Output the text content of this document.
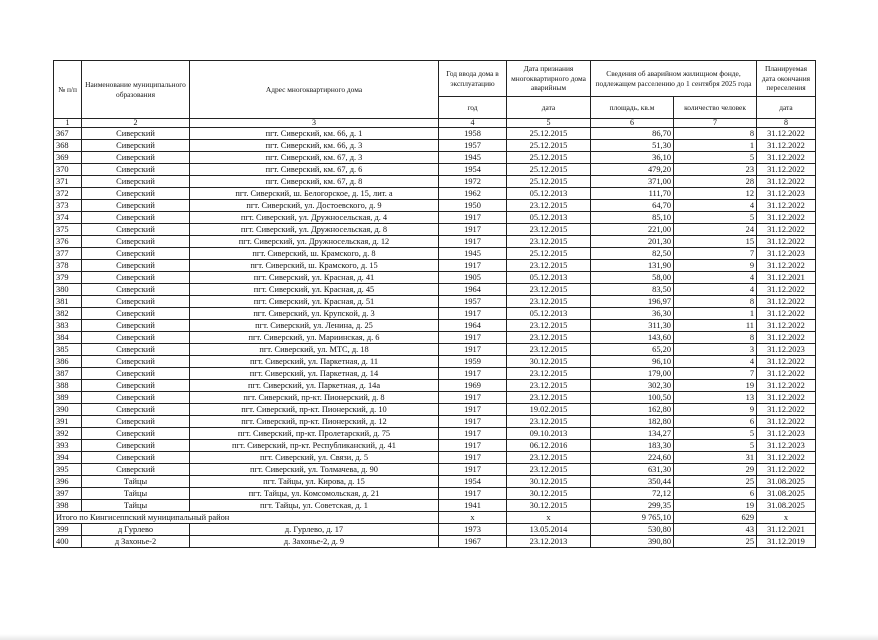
№ п/п	Наименование муниципального образования	Адрес многоквартирного дома	Год ввода дома в эксплуатацию	Дата признания многоквартирного дома аварийным	Сведения об аварийном жилищном фонде, подлежащем расселению до 1 сентября 2025 года		Планируемая дата окончания переселения
			год	дата	площадь, кв.м	количество человек	дата
1	2	3	4	5	6	7	8
367	Сиверский	пгт. Сиверский, км. 66, д. 1	1958	25.12.2015	86,70	8	31.12.2022
368	Сиверский	пгт. Сиверский, км. 66, д. 3	1957	25.12.2015	51,30	1	31.12.2022
369	Сиверский	пгт. Сиверский, км. 67, д. 3	1945	25.12.2015	36,10	5	31.12.2022
370	Сиверский	пгт. Сиверский, км. 67, д. 6	1954	25.12.2015	479,20	23	31.12.2022
371	Сиверский	пгт. Сиверский, км. 67, д. 8	1972	25.12.2015	371,00	28	31.12.2022
372	Сиверский	пгт. Сиверский, ш. Белогорское, д. 15, лит. а	1962	05.12.2013	111,70	12	31.12.2023
373	Сиверский	пгт. Сиверский, ул. Достоевского, д. 9	1950	23.12.2015	64,70	4	31.12.2022
374	Сиверский	пгт. Сиверский, ул. Дружносельская, д. 4	1917	05.12.2013	85,10	5	31.12.2022
375	Сиверский	пгт. Сиверский, ул. Дружносельская, д. 8	1917	23.12.2015	221,00	24	31.12.2022
376	Сиверский	пгт. Сиверский, ул. Дружносельская, д. 12	1917	23.12.2015	201,30	15	31.12.2022
377	Сиверский	пгт. Сиверский, ш. Крамского, д. 8	1945	25.12.2015	82,50	7	31.12.2023
378	Сиверский	пгт. Сиверский, ш. Крамского, д. 15	1917	23.12.2015	131,90	9	31.12.2022
379	Сиверский	пгт. Сиверский, ул. Красная, д. 41	1905	05.12.2013	58,00	4	31.12.2021
380	Сиверский	пгт. Сиверский, ул. Красная, д. 45	1964	23.12.2015	83,50	4	31.12.2022
381	Сиверский	пгт. Сиверский, ул. Красная, д. 51	1957	23.12.2015	196,97	8	31.12.2022
382	Сиверский	пгт. Сиверский, ул. Крупской, д. 3	1917	05.12.2013	36,30	1	31.12.2022
383	Сиверский	пгт. Сиверский, ул. Ленина, д. 25	1964	23.12.2015	311,30	11	31.12.2022
384	Сиверский	пгт. Сиверский, ул. Мариинская, д. 6	1917	23.12.2015	143,60	8	31.12.2022
385	Сиверский	пгт. Сиверский, ул. МТС, д. 18	1917	23.12.2015	65,20	3	31.12.2023
386	Сиверский	пгт. Сиверский, ул. Паркетная, д. 11	1959	30.12.2015	96,10	4	31.12.2022
387	Сиверский	пгт. Сиверский, ул. Паркетная, д. 14	1917	23.12.2015	179,00	7	31.12.2022
388	Сиверский	пгт. Сиверский, ул. Паркетная, д. 14а	1969	23.12.2015	302,30	19	31.12.2022
389	Сиверский	пгт. Сиверский, пр-кт. Пионерский, д. 8	1917	23.12.2015	100,50	13	31.12.2022
390	Сиверский	пгт. Сиверский, пр-кт. Пионерский, д. 10	1917	19.02.2015	162,80	9	31.12.2022
391	Сиверский	пгт. Сиверский, пр-кт. Пионерский, д. 12	1917	23.12.2015	182,80	6	31.12.2022
392	Сиверский	пгт. Сиверский, пр-кт. Пролетарский, д. 75	1917	09.10.2013	134,27	5	31.12.2023
393	Сиверский	пгт. Сиверский, пр-кт. Республиканский, д. 41	1917	06.12.2016	183,30	5	31.12.2023
394	Сиверский	пгт. Сиверский, ул. Связи, д. 5	1917	23.12.2015	224,60	31	31.12.2022
395	Сиверский	пгт. Сиверский, ул. Толмачева, д. 90	1917	23.12.2015	631,30	29	31.12.2022
396	Тайцы	пгт. Тайцы, ул. Кирова, д. 15	1954	30.12.2015	350,44	25	31.08.2025
397	Тайцы	пгт. Тайцы, ул. Комсомольская, д. 21	1917	30.12.2015	72,12	6	31.08.2025
398	Тайцы	пгт. Тайцы, ул. Советская, д. 1	1941	30.12.2015	299,35	19	31.08.2025
Итого по Кингисеппский муниципальный район			x	x	9 765,10	629	x
399	д Гурлево	д. Гурлево, д. 17	1973	13.05.2014	530,80	43	31.12.2021
400	д Захонье-2	д. Захонье-2, д. 9	1967	23.12.2013	390,80	25	31.12.2019
